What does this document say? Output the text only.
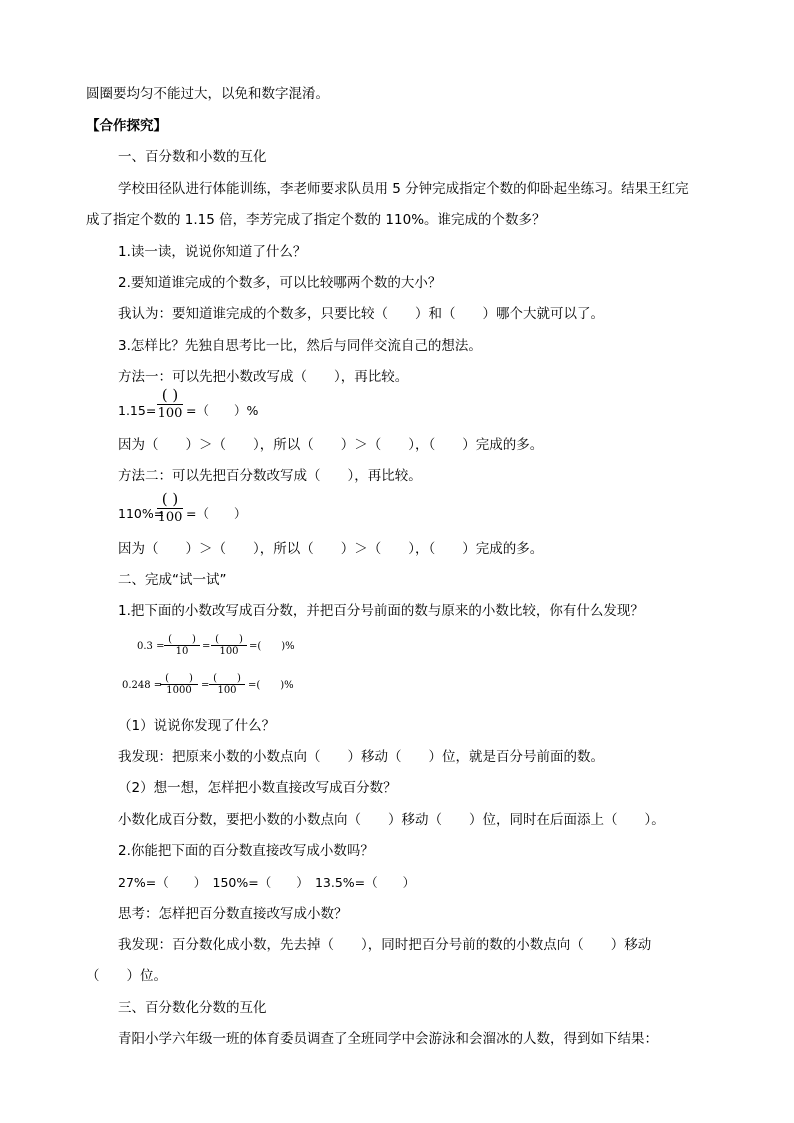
圆圈要均匀不能过大，以免和数字混淆。
【合作探究】
一、百分数和小数的互化
学校田径队进行体能训练，李老师要求队员用 5 分钟完成指定个数的仰卧起坐练习。结果王红完
成了指定个数的 1.15 倍，李芳完成了指定个数的 110%。谁完成的个数多？
1.读一读，说说你知道了什么？
2.要知道谁完成的个数多，可以比较哪两个数的大小？
我认为：要知道谁完成的个数多，只要比较（　　）和（　　）哪个大就可以了。
3.怎样比？先独自思考比一比，然后与同伴交流自己的想法。
方法一：可以先把小数改写成（　　），再比较。
1.15=
( )
100 =（　　）%
因为（　　）＞（　　），所以（　　）＞（　　），（　　）完成的多。
方法二：可以先把百分数改写成（　　），再比较。
110%=
( )
100 =（　　）
因为（　　）＞（　　），所以（　　）＞（　　），（　　）完成的多。
二、完成“试一试”
1.把下面的小数改写成百分数，并把百分号前面的数与原来的小数比较，你有什么发现？
0.3 =
(　　)
10	=
(　　)
100	=(　　)%
0.248 =
(　　)
1000 =
(　　)
100	=(　　)%
（1）说说你发现了什么？
我发现：把原来小数的小数点向（　　）移动（　　）位，就是百分号前面的数。
（2）想一想，怎样把小数直接改写成百分数？
小数化成百分数，要把小数的小数点向（　　）移动（　　）位，同时在后面添上（　　）。
2.你能把下面的百分数直接改写成小数吗？
27%=（　　）　150%=（　　）　13.5%=（　　）
思考：怎样把百分数直接改写成小数？
我发现：百分数化成小数，先去掉（　　），同时把百分号前的数的小数点向（　　）移动
（　　）位。
三、百分数化分数的互化
青阳小学六年级一班的体育委员调查了全班同学中会游泳和会溜冰的人数，得到如下结果：
